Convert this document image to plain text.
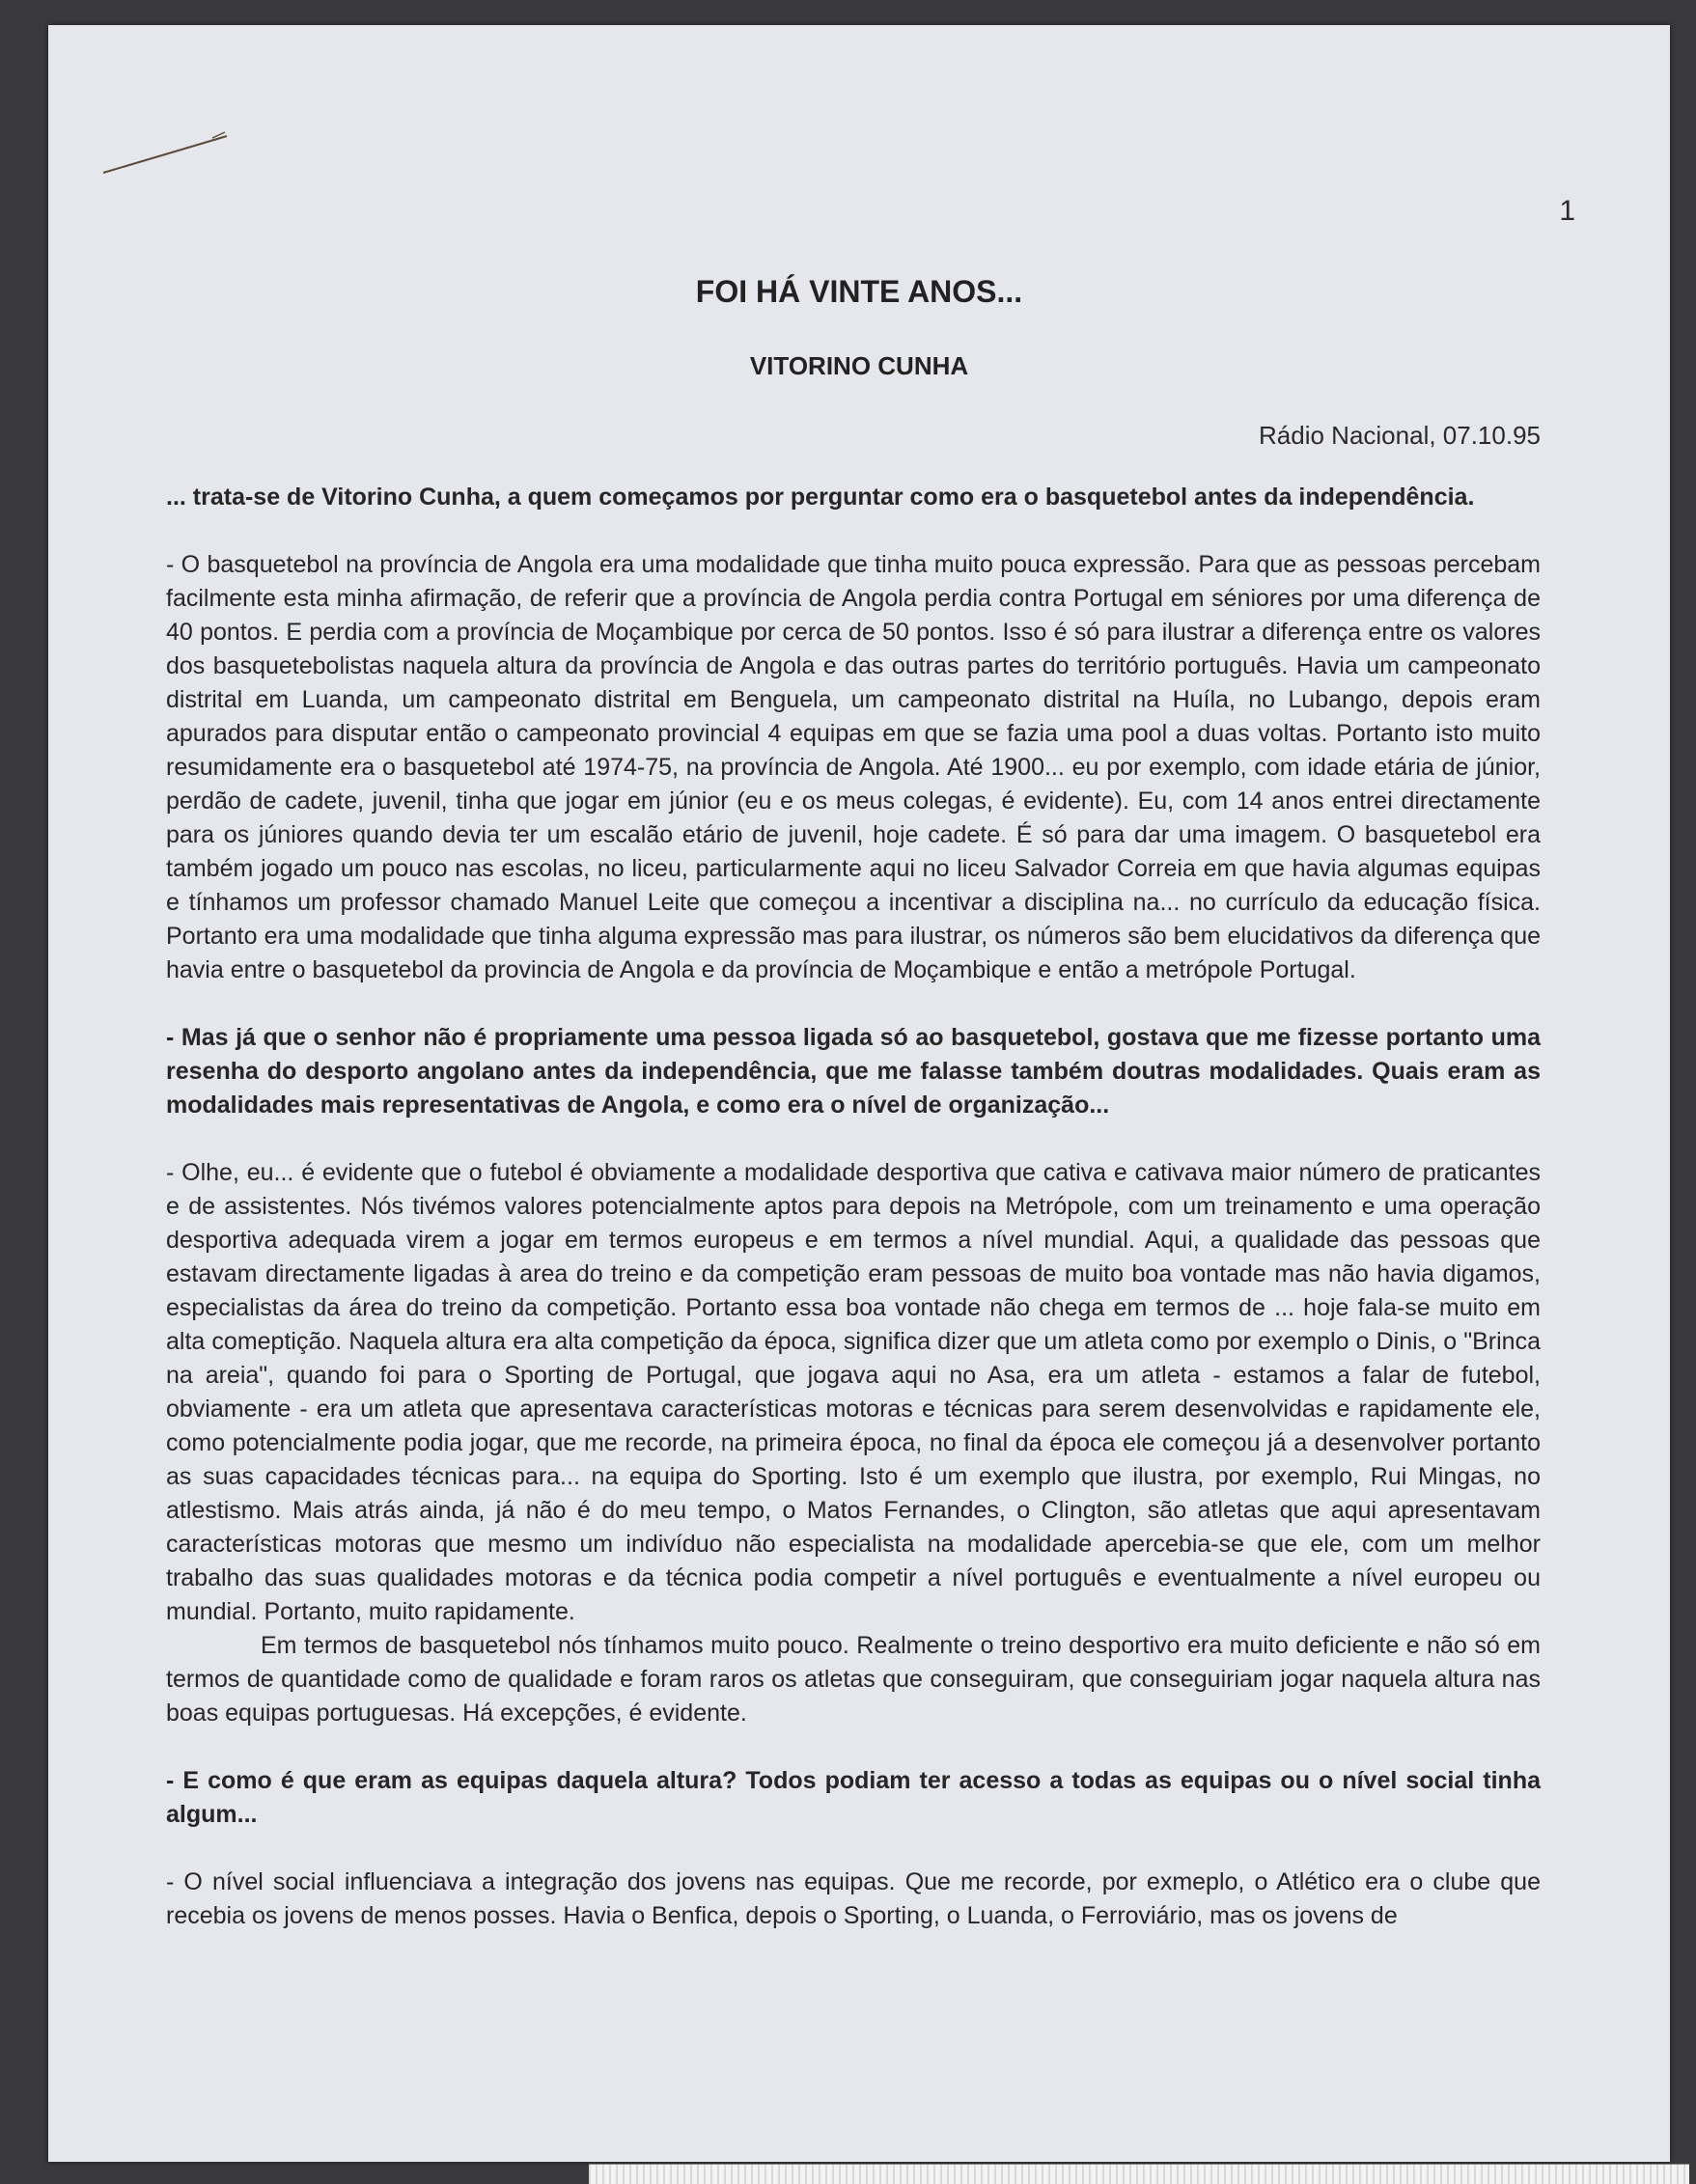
1
FOI HÁ VINTE ANOS...
VITORINO CUNHA
Rádio Nacional, 07.10.95

... trata-se de Vitorino Cunha, a quem começamos por perguntar como era o basquetebol antes da independência.

- O basquetebol na província de Angola era uma modalidade que tinha muito pouca expressão. Para que as pessoas percebam facilmente esta minha afirmação, de referir que a província de Angola perdia contra Portugal em séniores por uma diferença de 40 pontos. E perdia com a província de Moçambique por cerca de 50 pontos. Isso é só para ilustrar a diferença entre os valores dos basquetebolistas naquela altura da província de Angola e das outras partes do território português. Havia um campeonato distrital em Luanda, um campeonato distrital em Benguela, um campeonato distrital na Huíla, no Lubango, depois eram apurados para disputar então o campeonato provincial 4 equipas em que se fazia uma pool a duas voltas. Portanto isto muito resumidamente era o basquetebol até 1974-75, na província de Angola. Até 1900... eu por exemplo, com idade etária de júnior, perdão de cadete, juvenil, tinha que jogar em júnior (eu e os meus colegas, é evidente). Eu, com 14 anos entrei directamente para os júniores quando devia ter um escalão etário de juvenil, hoje cadete. É só para dar uma imagem. O basquetebol era também jogado um pouco nas escolas, no liceu, particularmente aqui no liceu Salvador Correia em que havia algumas equipas e tínhamos um professor chamado Manuel Leite que começou a incentivar a disciplina na... no currículo da educação física. Portanto era uma modalidade que tinha alguma expressão mas para ilustrar, os números são bem elucidativos da diferença que havia entre o basquetebol da provincia de Angola e da província de Moçambique e então a metrópole Portugal.

- Mas já que o senhor não é propriamente uma pessoa ligada só ao basquetebol, gostava que me fizesse portanto uma resenha do desporto angolano antes da independência, que me falasse também doutras modalidades. Quais eram as modalidades mais representativas de Angola, e como era o nível de organização...

- Olhe, eu... é evidente que o futebol é obviamente a modalidade desportiva que cativa e cativava maior número de praticantes e de assistentes. Nós tivémos valores potencialmente aptos para depois na Metrópole, com um treinamento e uma operação desportiva adequada virem a jogar em termos europeus e em termos a nível mundial. Aqui, a qualidade das pessoas que estavam directamente ligadas à area do treino e da competição eram pessoas de muito boa vontade mas não havia digamos, especialistas da área do treino da competição. Portanto essa boa vontade não chega em termos de ... hoje fala-se muito em alta comeptição. Naquela altura era alta competição da época, significa dizer que um atleta como por exemplo o Dinis, o "Brinca na areia", quando foi para o Sporting de Portugal, que jogava aqui no Asa, era um atleta - estamos a falar de futebol, obviamente - era um atleta que apresentava características motoras e técnicas para serem desenvolvidas e rapidamente ele, como potencialmente podia jogar, que me recorde, na primeira época, no final da época ele começou já a desenvolver portanto as suas capacidades técnicas para... na equipa do Sporting. Isto é um exemplo que ilustra, por exemplo, Rui Mingas, no atlestismo. Mais atrás ainda, já não é do meu tempo, o Matos Fernandes, o Clington, são atletas que aqui apresentavam características motoras que mesmo um indivíduo não especialista na modalidade apercebia-se que ele, com um melhor trabalho das suas qualidades motoras e da técnica podia competir a nível português e eventualmente a nível europeu ou mundial. Portanto, muito rapidamente.

Em termos de basquetebol nós tínhamos muito pouco. Realmente o treino desportivo era muito deficiente e não só em termos de quantidade como de qualidade e foram raros os atletas que conseguiram, que conseguiriam jogar naquela altura nas boas equipas portuguesas. Há excepções, é evidente.

- E como é que eram as equipas daquela altura? Todos podiam ter acesso a todas as equipas ou o nível social tinha algum...

- O nível social influenciava a integração dos jovens nas equipas. Que me recorde, por exmeplo, o Atlético era o clube que recebia os jovens de menos posses. Havia o Benfica, depois o Sporting, o Luanda, o Ferroviário, mas os jovens de
